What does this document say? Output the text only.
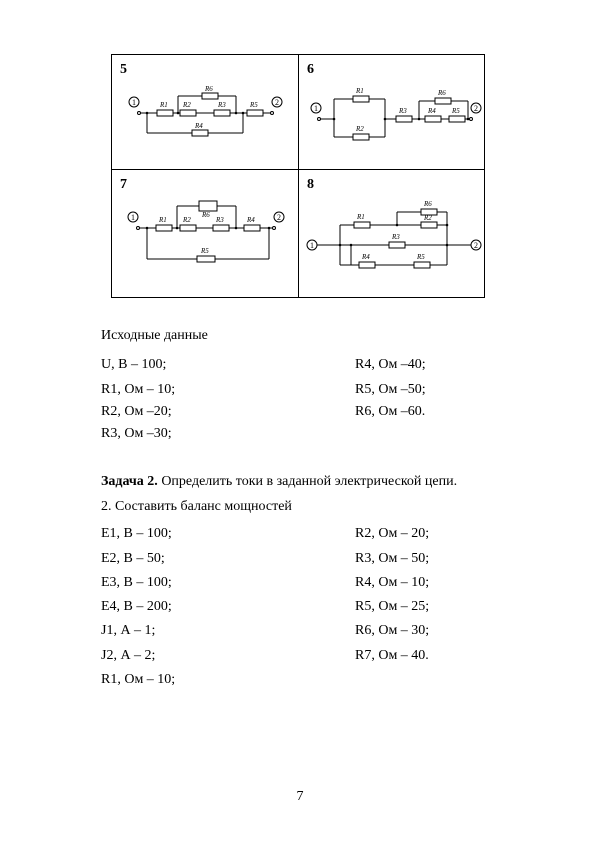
5
1	2
R1 R2	R3	R5
R6
R4
6
1	2
R1
R2
R3	R4 R5
R6
7
1	2
R1 R2	R3	R4
R6
R5
8
1	2
R1
R6
R2
R3
R4	R5
Исходные данные
U, В – 100;
R1, Ом – 10;
R2, Ом –20;
R3, Ом –30;
R4, Ом –40;
R5, Ом –50;
R6, Ом –60.
Задача 2. Определить токи в заданной электрической цепи.
2. Составить баланс мощностей
E1, В – 100;
E2, В – 50;
E3, В – 100;
E4, В – 200;
J1, А – 1;
J2, А – 2;
R1, Ом – 10;
R2, Ом – 20;
R3, Ом – 50;
R4, Ом – 10;
R5, Ом – 25;
R6, Ом – 30;
R7, Ом – 40.
7
